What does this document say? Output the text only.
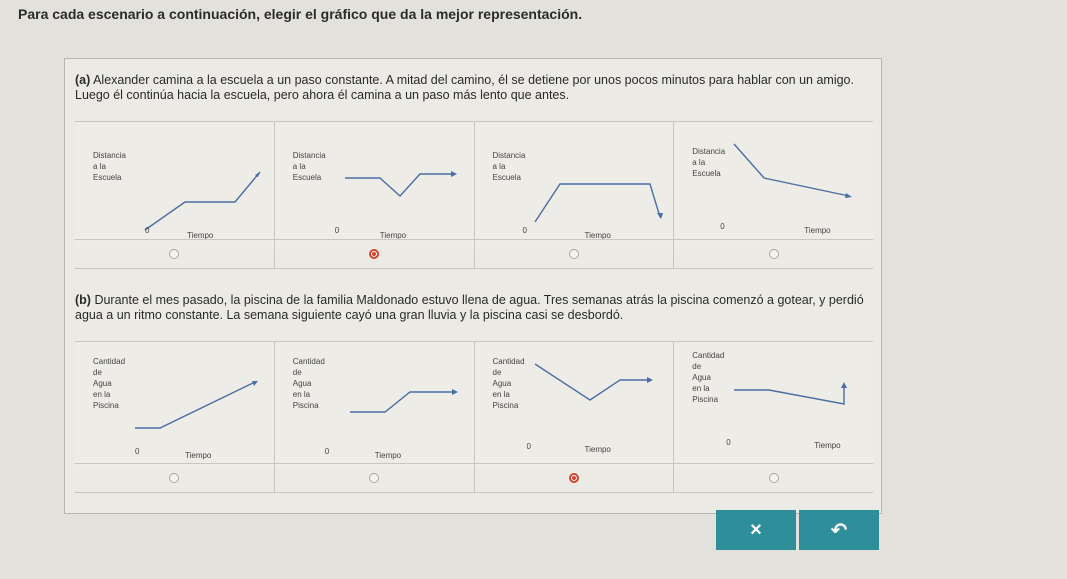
Para cada escenario a continuación, elegir el gráfico que da la mejor representación.
(a) Alexander camina a la escuela a un paso constante. A mitad del camino, él se detiene por unos pocos minutos para hablar con un amigo. Luego él continúa hacia la escuela, pero ahora él camina a un paso más lento que antes.
Distancia
a la
Escuela
0
Tiempo
Distancia
a la
Escuela
0
Tiempo
Distancia
a la
Escuela
0
Tiempo
Distancia
a la
Escuela
0	Tiempo
(b) Durante el mes pasado, la piscina de la familia Maldonado estuvo llena de agua. Tres semanas atrás la piscina comenzó a gotear, y perdió agua a un ritmo constante. La semana siguiente cayó una gran lluvia y la piscina casi se desbordó.
Cantidad
de
Agua
en la
Piscina
0	Tiempo
Cantidad
de
Agua
en la
Piscina
0	Tiempo
Cantidad
de
Agua
en la
Piscina
0	Tiempo
Cantidad
de
Agua
en la
Piscina
0	Tiempo
×	↶
